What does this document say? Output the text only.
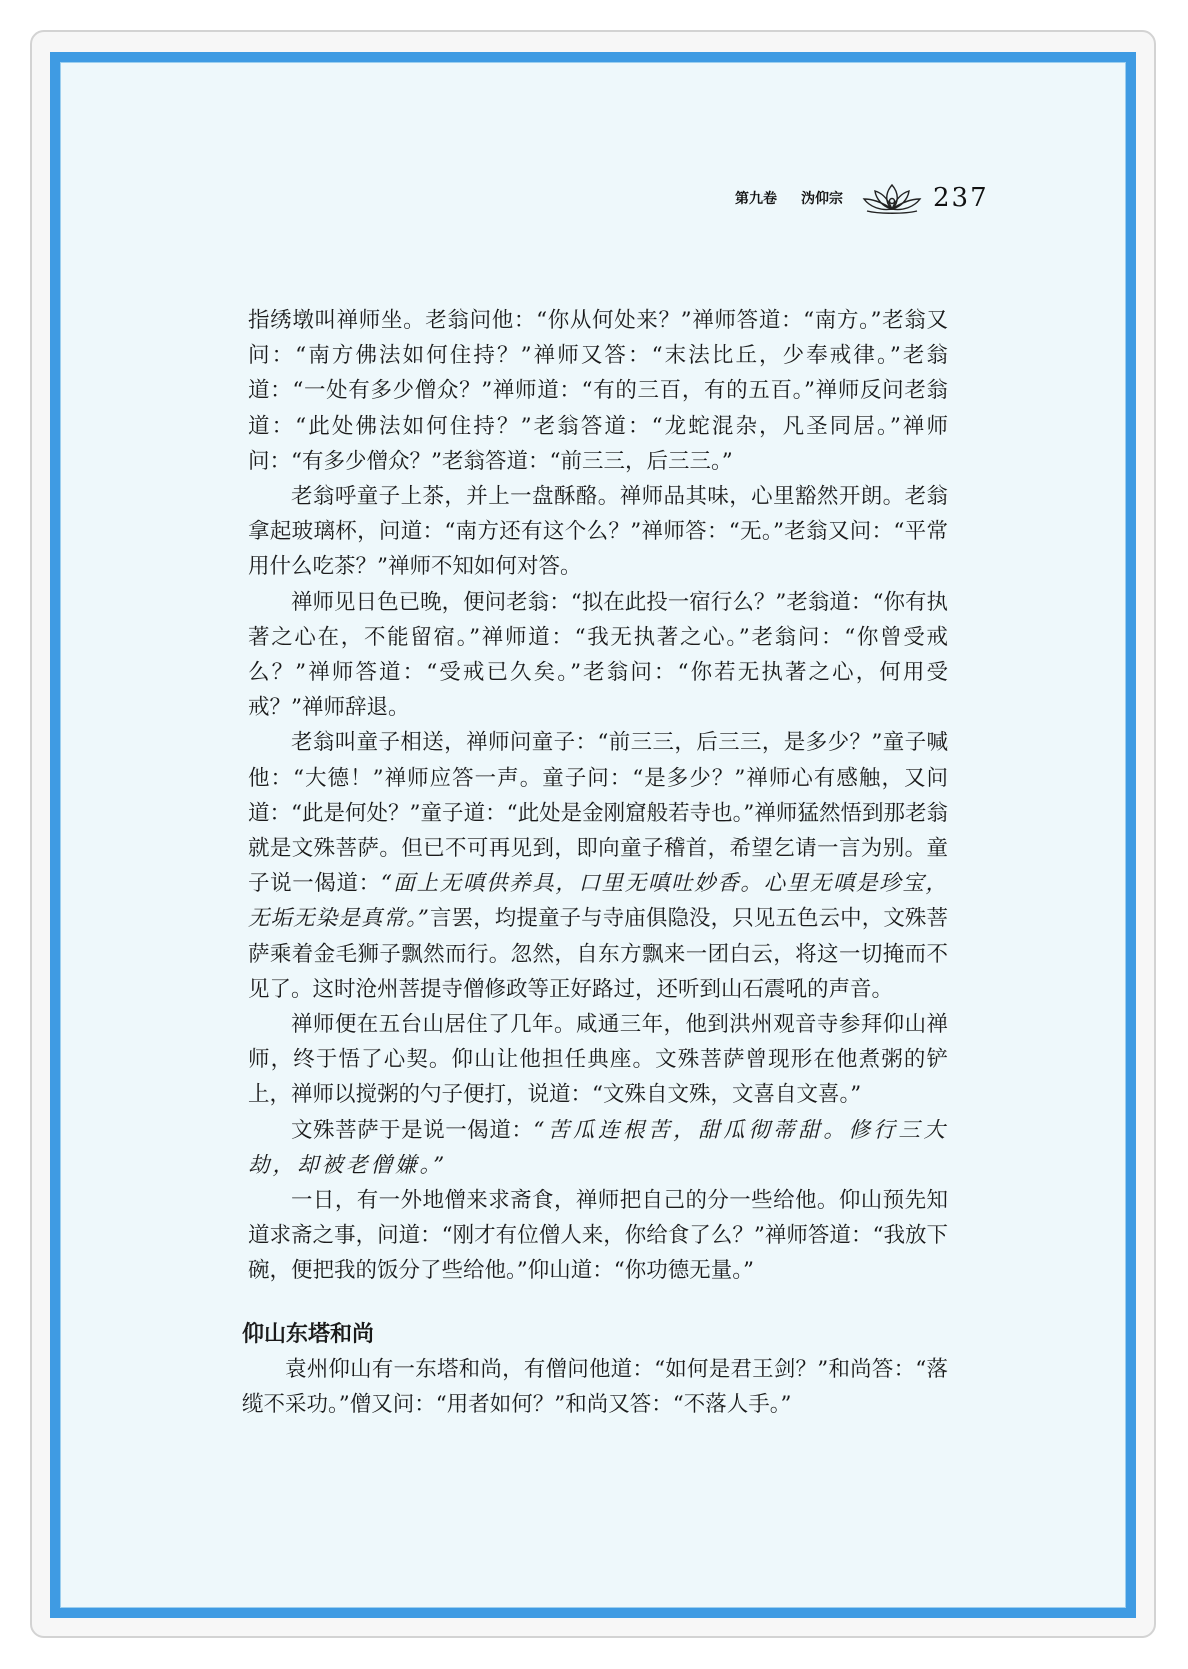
第九卷 沩仰宗	237

指绣墩叫禅师坐。老翁问他：“你从何处来？”禅师答道：“南方。”老翁又问：“南方佛法如何住持？”禅师又答：“末法比丘，少奉戒律。”老翁道：“一处有多少僧众？”禅师道：“有的三百，有的五百。”禅师反问老翁道：“此处佛法如何住持？”老翁答道：“龙蛇混杂，凡圣同居。”禅师问：“有多少僧众？”老翁答道：“前三三，后三三。”

老翁呼童子上茶，并上一盘酥酪。禅师品其味，心里豁然开朗。老翁拿起玻璃杯，问道：“南方还有这个么？”禅师答：“无。”老翁又问：“平常用什么吃茶？”禅师不知如何对答。

禅师见日色已晚，便问老翁：“拟在此投一宿行么？”老翁道：“你有执著之心在，不能留宿。”禅师道：“我无执著之心。”老翁问：“你曾受戒么？”禅师答道：“受戒已久矣。”老翁问：“你若无执著之心，何用受戒？”禅师辞退。

老翁叫童子相送，禅师问童子：“前三三，后三三，是多少？”童子喊他：“大德！”禅师应答一声。童子问：“是多少？”禅师心有感触，又问道：“此是何处？”童子道：“此处是金刚窟般若寺也。”禅师猛然悟到那老翁就是文殊菩萨。但已不可再见到，即向童子稽首，希望乞请一言为别。童子说一偈道：“面上无嗔供养具，口里无嗔吐妙香。心里无嗔是珍宝，无垢无染是真常。”言罢，均提童子与寺庙俱隐没，只见五色云中，文殊菩萨乘着金毛狮子飘然而行。忽然，自东方飘来一团白云，将这一切掩而不见了。这时沧州菩提寺僧修政等正好路过，还听到山石震吼的声音。

禅师便在五台山居住了几年。咸通三年，他到洪州观音寺参拜仰山禅师，终于悟了心契。仰山让他担任典座。文殊菩萨曾现形在他煮粥的铲上，禅师以搅粥的勺子便打，说道：“文殊自文殊，文喜自文喜。”

文殊菩萨于是说一偈道：“苦瓜连根苦，甜瓜彻蒂甜。修行三大劫，却被老僧嫌。”

一日，有一外地僧来求斋食，禅师把自己的分一些给他。仰山预先知道求斋之事，问道：“刚才有位僧人来，你给食了么？”禅师答道：“我放下碗，便把我的饭分了些给他。”仰山道：“你功德无量。”

仰山东塔和尚

袁州仰山有一东塔和尚，有僧问他道：“如何是君王剑？”和尚答：“落缆不采功。”僧又问：“用者如何？”和尚又答：“不落人手。”
